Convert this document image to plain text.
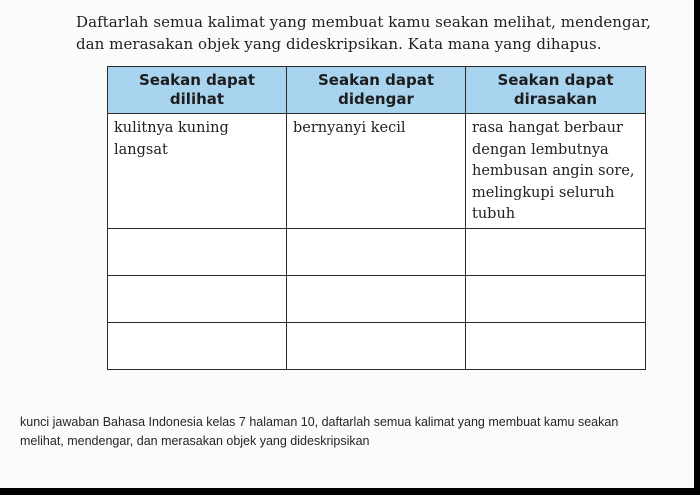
Daftarlah semua kalimat yang membuat kamu seakan melihat, mendengar,
dan merasakan objek yang dideskripsikan. Kata mana yang dihapus.

Seakan dapat
dilihat	Seakan dapat
didengar	Seakan dapat
dirasakan

kulitnya kuning
langsat	bernyanyi kecil	rasa hangat berbaur
dengan lembutnya
hembusan angin sore,
melingkupi seluruh
tubuh

kunci jawaban Bahasa Indonesia kelas 7 halaman 10, daftarlah semua kalimat yang membuat kamu seakan
melihat, mendengar, dan merasakan objek yang dideskripsikan
